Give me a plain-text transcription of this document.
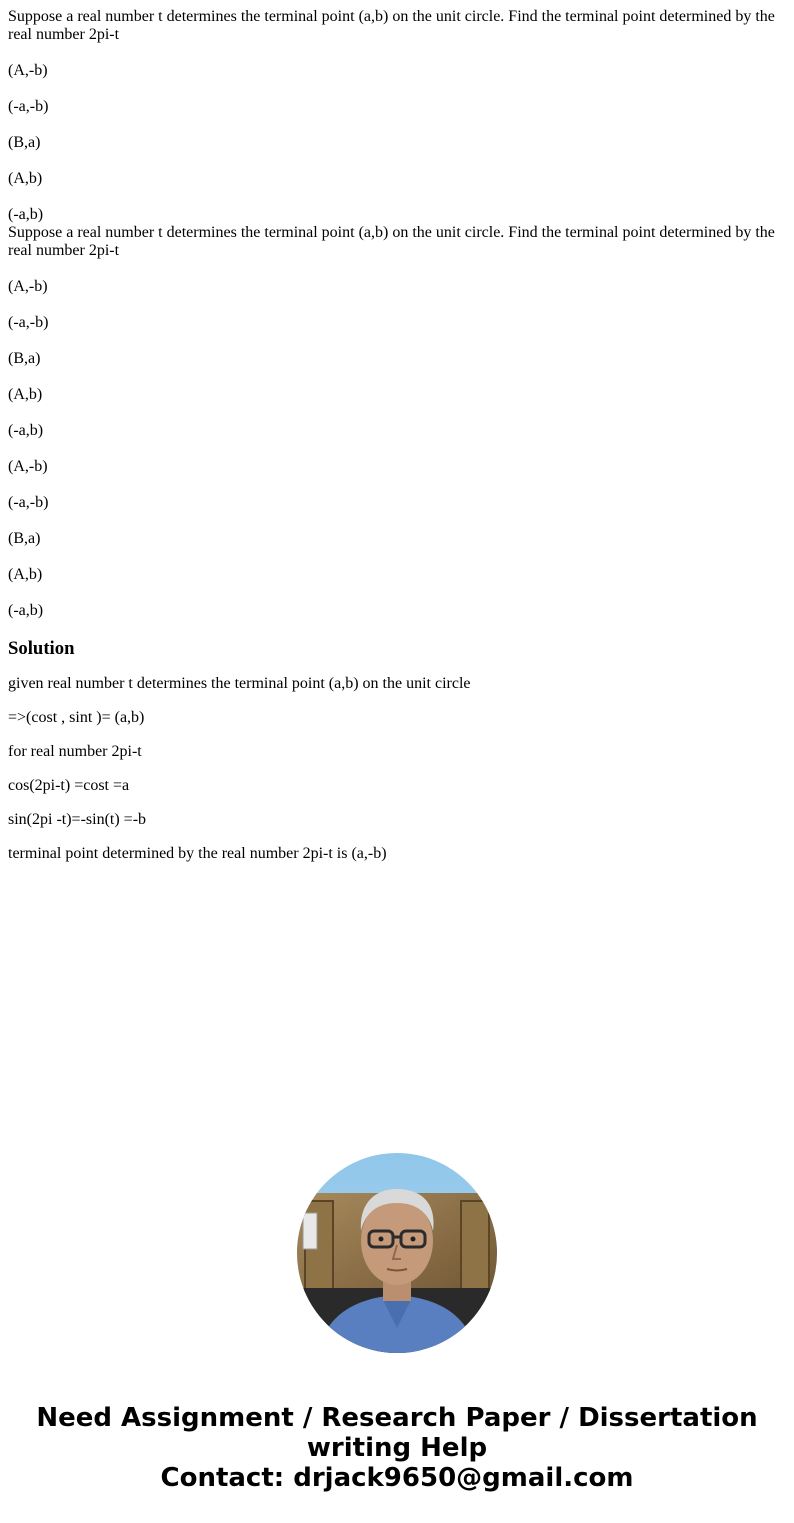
Suppose a real number t determines the terminal point (a,b) on the unit circle. Find the terminal point determined by the real number 2pi-t

(A,-b)

(-a,-b)

(B,a)

(A,b)

(-a,b)

Suppose a real number t determines the terminal point (a,b) on the unit circle. Find the terminal point determined by the real number 2pi-t

(A,-b)

(-a,-b)

(B,a)

(A,b)

(-a,b)

(A,-b)

(-a,-b)

(B,a)

(A,b)

(-a,b)

Solution

given real number t determines the terminal point (a,b) on the unit circle

=>(cost , sint )= (a,b)

for real number 2pi-t

cos(2pi-t) =cost =a

sin(2pi -t)=-sin(t) =-b

terminal point determined by the real number 2pi-t is (a,-b)

Need Assignment / Research Paper / Dissertation
writing Help
Contact: drjack9650@gmail.com
